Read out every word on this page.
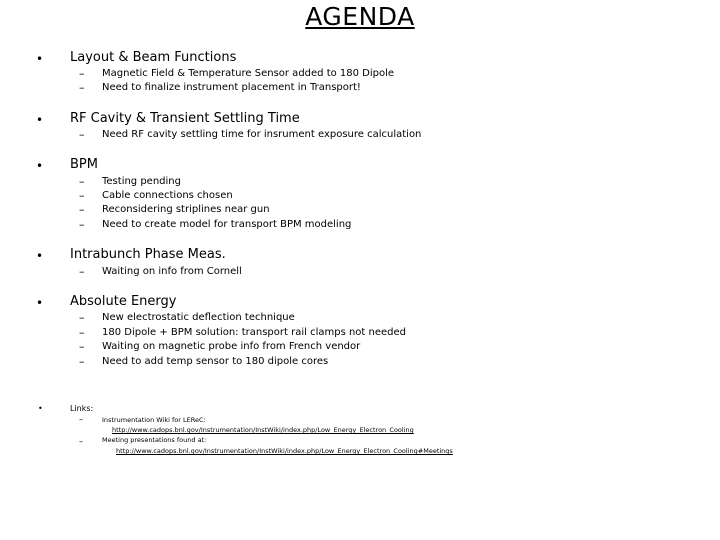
AGENDA
• Layout & Beam Functions
– Magnetic Field & Temperature Sensor added to 180 Dipole
– Need to finalize instrument placement in Transport!
• RF Cavity & Transient Settling Time
– Need RF cavity settling time for insrument exposure calculation
• BPM
– Testing pending
– Cable connections chosen
– Reconsidering striplines near gun
– Need to create model for transport BPM modeling
• Intrabunch Phase Meas.
– Waiting on info from Cornell
• Absolute Energy
– New electrostatic deflection technique
– 180 Dipole + BPM solution: transport rail clamps not needed
– Waiting on magnetic probe info from French vendor
– Need to add temp sensor to 180 dipole cores
•	Links:
–	Instrumentation Wiki for LEReC:
http://www.cadops.bnl.gov/Instrumentation/InstWiki/index.php/Low_Energy_Electron_Cooling
–	Meeting presentations found at:
http://www.cadops.bnl.gov/Instrumentation/InstWiki/index.php/Low_Energy_Electron_Cooling#Meetings
